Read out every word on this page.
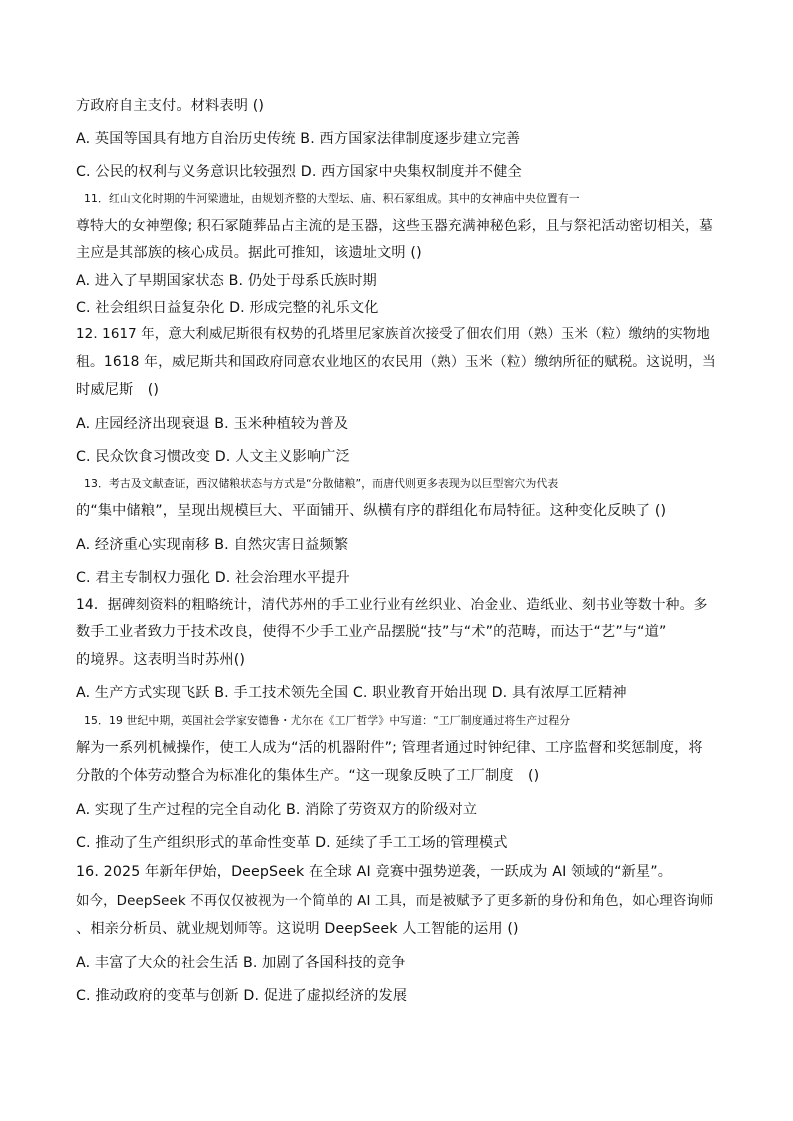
方政府自主支付。材料表明 ()
A. 英国等国具有地方自治历史传统 B. 西方国家法律制度逐步建立完善
C. 公民的权利与义务意识比较强烈 D. 西方国家中央集权制度并不健全
11．红山文化时期的牛河梁遗址，由规划齐整的大型坛、庙、积石冢组成。其中的女神庙中央位置有一
尊特大的女神塑像; 积石冢随葬品占主流的是玉器，这些玉器充满神秘色彩，且与祭祀活动密切相关，墓
主应是其部族的核心成员。据此可推知，该遗址文明 ()
A. 进入了早期国家状态 B. 仍处于母系氏族时期
C. 社会组织日益复杂化 D. 形成完整的礼乐文化
12. 1617 年，意大利威尼斯很有权势的孔塔里尼家族首次接受了佃农们用（熟）玉米（粒）缴纳的实物地
租。1618 年，威尼斯共和国政府同意农业地区的农民用（熟）玉米（粒）缴纳所征的赋税。这说明，当
时威尼斯　()
A. 庄园经济出现衰退 B. 玉米种植较为普及
C. 民众饮食习惯改变 D. 人文主义影响广泛
13．考古及文献查证，西汉储粮状态与方式是“分散储粮”，而唐代则更多表现为以巨型窖穴为代表
的“集中储粮”，呈现出规模巨大、平面铺开、纵横有序的群组化布局特征。这种变化反映了 ()
A. 经济重心实现南移 B. 自然灾害日益频繁
C. 君主专制权力强化 D. 社会治理水平提升
14．据碑刻资料的粗略统计，清代苏州的手工业行业有丝织业、冶金业、造纸业、刻书业等数十种。多
数手工业者致力于技术改良，使得不少手工业产品摆脱“技”与“术”的范畴，而达于“艺”与“道”
的境界。这表明当时苏州()
A. 生产方式实现飞跃 B. 手工技术领先全国 C. 职业教育开始出现 D. 具有浓厚工匠精神
15．19 世纪中期，英国社会学家安德鲁・尤尔在《工厂哲学》中写道：“工厂制度通过将生产过程分
解为一系列机械操作，使工人成为“活的机器附件”; 管理者通过时钟纪律、工序监督和奖惩制度，将
分散的个体劳动整合为标准化的集体生产。“这一现象反映了工厂制度　()
A. 实现了生产过程的完全自动化 B. 消除了劳资双方的阶级对立
C. 推动了生产组织形式的革命性变革 D. 延续了手工工场的管理模式
16. 2025 年新年伊始，DeepSeek 在全球 AI 竞赛中强势逆袭，一跃成为 AI 领域的“新星”。
如今，DeepSeek 不再仅仅被视为一个简单的 AI 工具，而是被赋予了更多新的身份和角色，如心理咨询师
、相亲分析员、就业规划师等。这说明 DeepSeek 人工智能的运用 ()
A. 丰富了大众的社会生活 B. 加剧了各国科技的竞争
C. 推动政府的变革与创新 D. 促进了虚拟经济的发展
